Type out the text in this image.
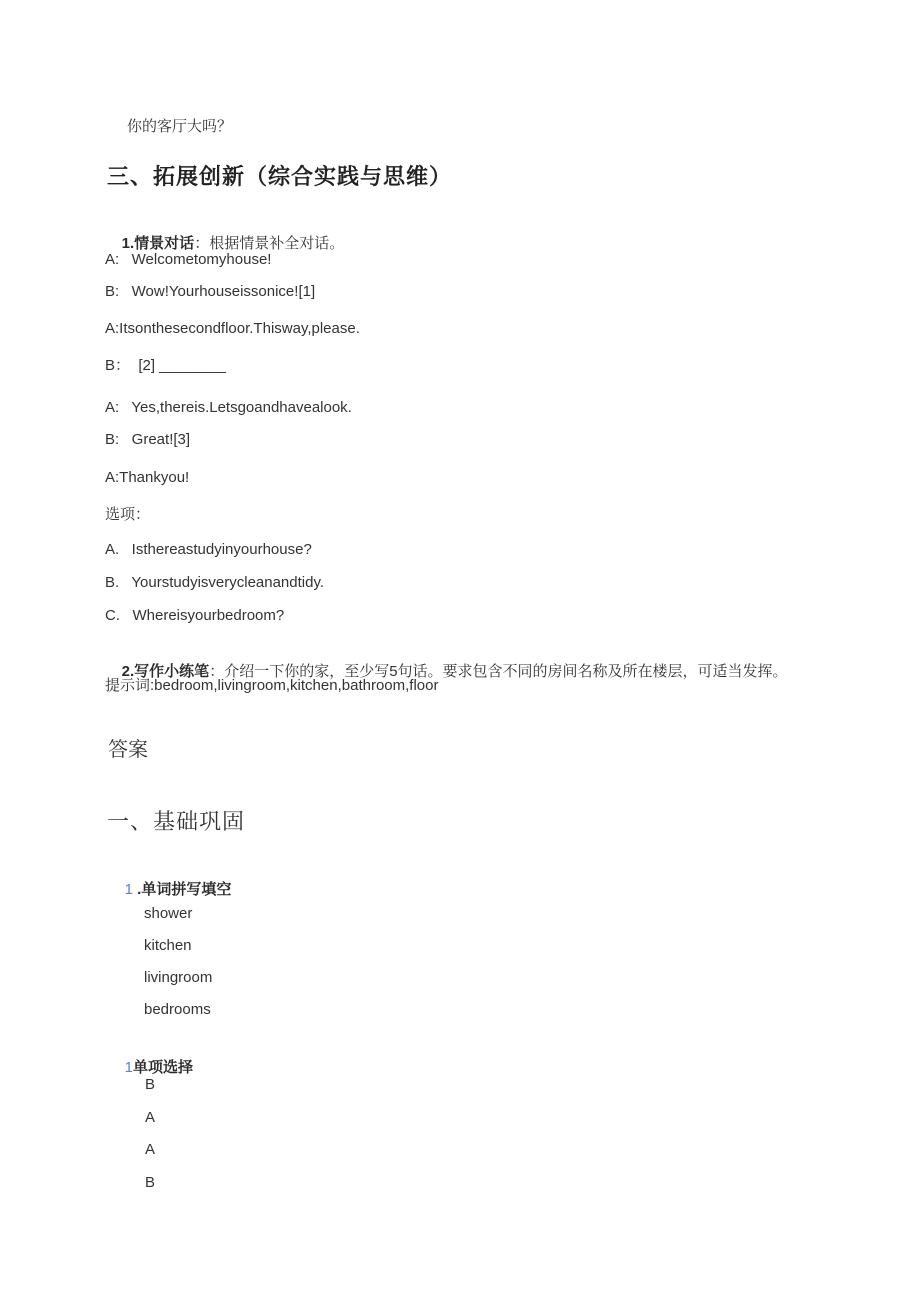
你的客厅大吗？
三、拓展创新（综合实践与思维）

1.情景对话：根据情景补全对话。

A:   Welcometomyhouse!
B:   Wow!Yourhouseissonice![1]
A:Itsonthesecondfloor.Thisway,please.
B：  [2] ________
A:   Yes,thereis.Letsgoandhavealook.
B:   Great![3]
A:Thankyou!
选项：
A.   Isthereastudyinyourhouse?
B.   Yourstudyisverycleanandtidy.
C.   Whereisyourbedroom?

2.写作小练笔：介绍一下你的家，至少写5句话。要求包含不同的房间名称及所在楼层，可适当发挥。

提示词:bedroom,livingroom,kitchen,bathroom,floor
答案
一、基础巩固

1 .单词拼写填空

shower
kitchen
livingroom
bedrooms

1单项选择

B
A
A
B
